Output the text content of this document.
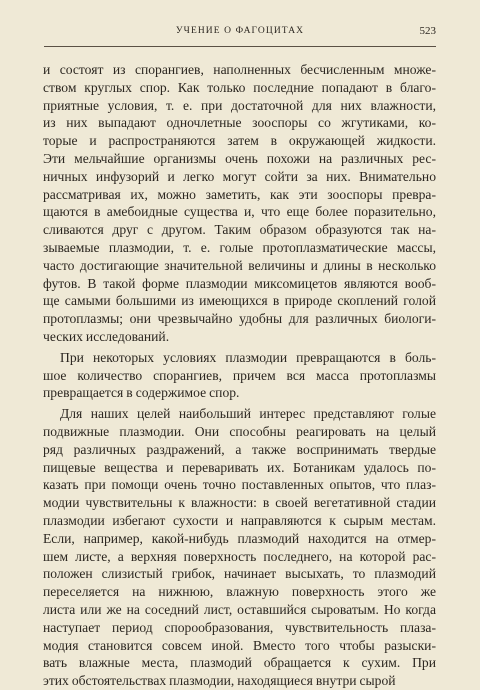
УЧЕНИЕ О ФАГОЦИТАХ	523
и состоят из спорангиев, наполненных бесчисленным множе-
ством круглых спор. Как только последние попадают в благо-
приятные условия, т. е. при достаточной для них влажности,
из них выпадают одночлетные зооспоры со жгутиками, ко-
торые и распространяются затем в окружающей жидкости.
Эти мельчайшие организмы очень похожи на различных рес-
ничных инфузорий и легко могут сойти за них. Внимательно
рассматривая их, можно заметить, как эти зооспоры превра-
щаются в амебоидные существа и, что еще более поразительно,
сливаются друг с другом. Таким образом образуются так на-
зываемые плазмодии, т. е. голые протоплазматические массы,
часто достигающие значительной величины и длины в несколько
футов. В такой форме плазмодии миксомицетов являются вооб-
ще самыми большими из имеющихся в природе скоплений голой
протоплазмы; они чрезвычайно удобны для различных биологи-
ческих исследований.
При некоторых условиях плазмодии превращаются в боль-
шое количество спорангиев, причем вся масса протоплазмы
превращается в содержимое спор.
Для наших целей наибольший интерес представляют голые
подвижные плазмодии. Они способны реагировать на целый
ряд различных раздражений, а также воспринимать твердые
пищевые вещества и переваривать их. Ботаникам удалось по-
казать при помощи очень точно поставленных опытов, что плаз-
модии чувствительны к влажности: в своей вегетативной стадии
плазмодии избегают сухости и направляются к сырым местам.
Если, например, какой-нибудь плазмодий находится на отмер-
шем листе, а верхняя поверхность последнего, на которой рас-
положен слизистый грибок, начинает высыхать, то плазмодий
переселяется на нижнюю, влажную поверхность этого же
листа или же на соседний лист, оставшийся сыроватым. Но когда
наступает период спорообразования, чувствительность плаза-
модия становится совсем иной. Вместо того чтобы разыски-
вать влажные места, плазмодий обращается к сухим. При
этих обстоятельствах плазмодии, находящиеся внутри сырой
